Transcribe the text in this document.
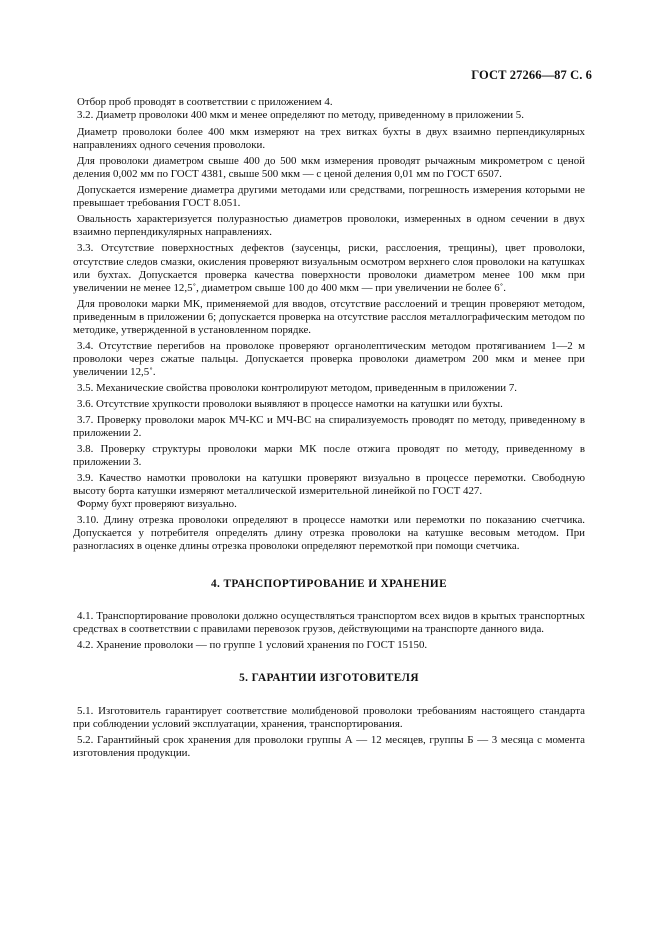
ГОСТ 27266—87 С. 6

Отбор проб проводят в соответствии с приложением 4.

3.2. Диаметр проволоки 400 мкм и менее определяют по методу, приведенному в приложении 5.

Диаметр проволоки более 400 мкм измеряют на трех витках бухты в двух взаимно перпендикулярных направлениях одного сечения проволоки.

Для проволоки диаметром свыше 400 до 500 мкм измерения проводят рычажным микрометром с ценой деления 0,002 мм по ГОСТ 4381, свыше 500 мкм — с ценой деления 0,01 мм по ГОСТ 6507.

Допускается измерение диаметра другими методами или средствами, погрешность измерения которыми не превышает требования ГОСТ 8.051.

Овальность характеризуется полуразностью диаметров проволоки, измеренных в одном сечении в двух взаимно перпендикулярных направлениях.

3.3. Отсутствие поверхностных дефектов (заусенцы, риски, расслоения, трещины), цвет проволоки, отсутствие следов смазки, окисления проверяют визуальным осмотром верхнего слоя проволоки на катушках или бухтах. Допускается проверка качества поверхности проволоки диаметром менее 100 мкм при увеличении не менее 12,5˚, диаметром свыше 100 до 400 мкм — при увеличении не более 6˚.

Для проволоки марки МК, применяемой для вводов, отсутствие расслоений и трещин проверяют методом, приведенным в приложении 6; допускается проверка на отсутствие расслоя металлографическим методом по методике, утвержденной в установленном порядке.

3.4. Отсутствие перегибов на проволоке проверяют органолептическим методом протягиванием 1—2 м проволоки через сжатые пальцы. Допускается проверка проволоки диаметром 200 мкм и менее при увеличении 12,5˚.

3.5. Механические свойства проволоки контролируют методом, приведенным в приложении 7.

3.6. Отсутствие хрупкости проволоки выявляют в процессе намотки на катушки или бухты.

3.7. Проверку проволоки марок МЧ-КС и МЧ-ВС на спирализуемость проводят по методу, приведенному в приложении 2.

3.8. Проверку структуры проволоки марки МК после отжига проводят по методу, приведенному в приложении 3.

3.9. Качество намотки проволоки на катушки проверяют визуально в процессе перемотки. Свободную высоту борта катушки измеряют металлической измерительной линейкой по ГОСТ 427.

Форму бухт проверяют визуально.

3.10. Длину отрезка проволоки определяют в процессе намотки или перемотки по показанию счетчика. Допускается у потребителя определять длину отрезка проволоки на катушке весовым методом. При разногласиях в оценке длины отрезка проволоки определяют перемоткой при помощи счетчика.

4. ТРАНСПОРТИРОВАНИЕ И ХРАНЕНИЕ

4.1. Транспортирование проволоки должно осуществляться транспортом всех видов в крытых транспортных средствах в соответствии с правилами перевозок грузов, действующими на транспорте данного вида.

4.2. Хранение проволоки — по группе 1 условий хранения по ГОСТ 15150.

5. ГАРАНТИИ ИЗГОТОВИТЕЛЯ

5.1. Изготовитель гарантирует соответствие молибденовой проволоки требованиям настоящего стандарта при соблюдении условий эксплуатации, хранения, транспортирования.

5.2. Гарантийный срок хранения для проволоки группы А — 12 месяцев, группы Б — 3 месяца с момента изготовления продукции.
